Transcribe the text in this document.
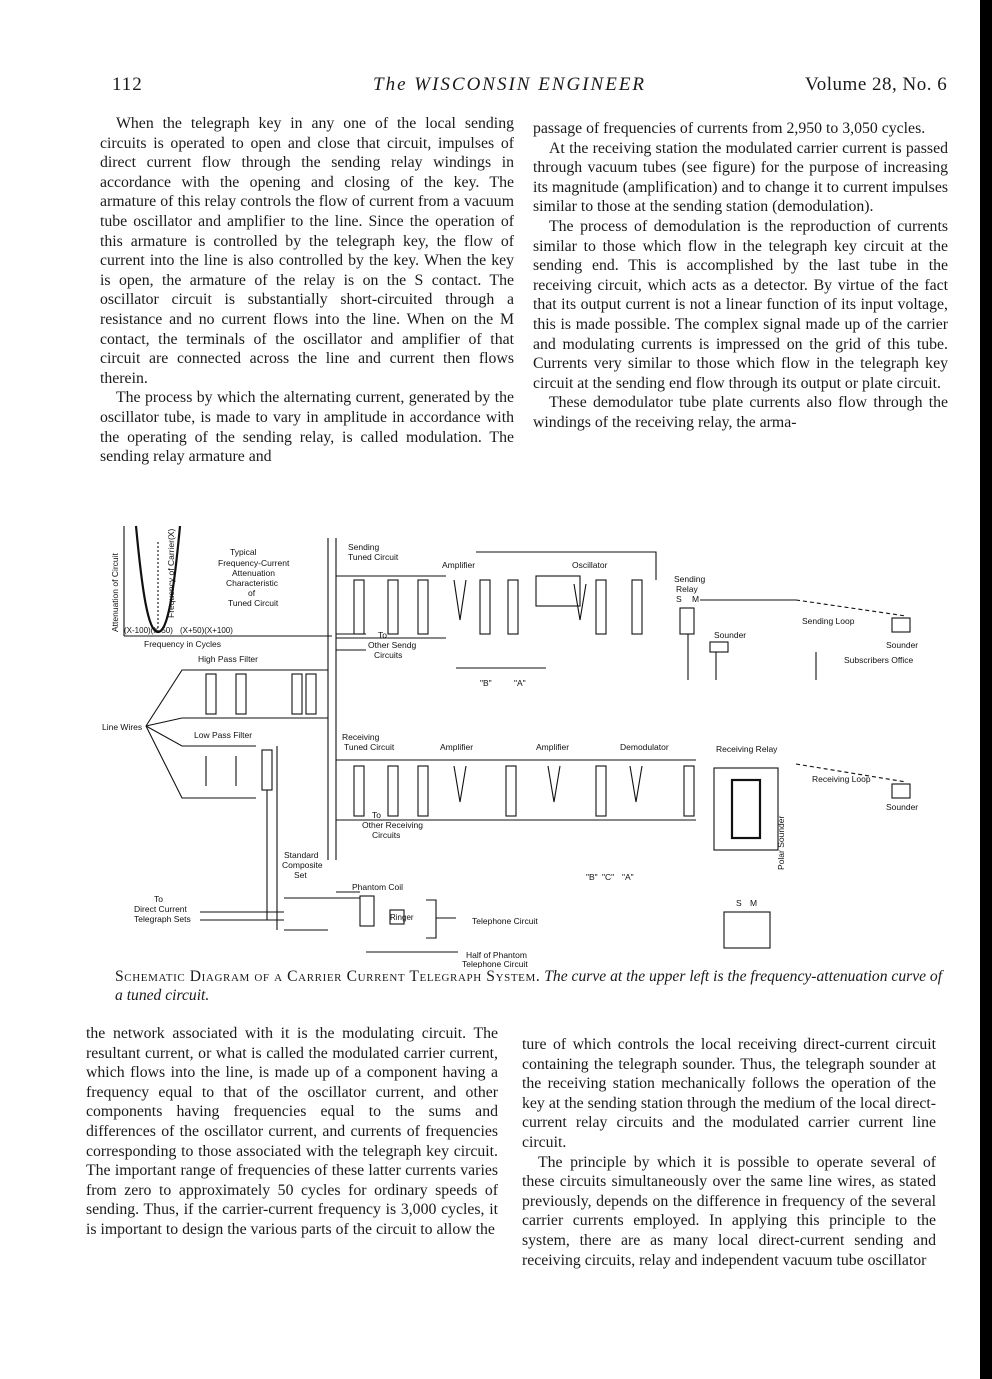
112	The WISCONSIN ENGINEER	Volume 28, No. 6

When the telegraph key in any one of the local sending circuits is operated to open and close that circuit, impulses of direct current flow through the sending relay windings in accordance with the opening and closing of the key. The armature of this relay controls the flow of current from a vacuum tube oscillator and amplifier to the line. Since the operation of this armature is controlled by the telegraph key, the flow of current into the line is also controlled by the key. When the key is open, the armature of the relay is on the S contact. The oscillator circuit is substantially short-circuited through a resistance and no current flows into the line. When on the M contact, the terminals of the oscillator and amplifier of that circuit are connected across the line and current then flows therein.

The process by which the alternating current, generated by the oscillator tube, is made to vary in amplitude in accordance with the operating of the sending relay, is called modulation. The sending relay armature and

passage of frequencies of currents from 2,950 to 3,050 cycles.

At the receiving station the modulated carrier current is passed through vacuum tubes (see figure) for the purpose of increasing its magnitude (amplification) and to change it to current impulses similar to those at the sending station (demodulation).

The process of demodulation is the reproduction of currents similar to those which flow in the telegraph key circuit at the sending end. This is accomplished by the last tube in the receiving circuit, which acts as a detector. By virtue of the fact that its output current is not a linear function of its input voltage, this is made possible. The complex signal made up of the carrier and modulating currents is impressed on the grid of this tube. Currents very similar to those which flow in the telegraph key circuit at the sending end flow through its output or plate circuit.

These demodulator tube plate currents also flow through the windings of the receiving relay, the arma-

Attenuation of Circuit	Frequency of Carrier(X)	Typical
Frequency-Current
Attenuation
Characteristic
of
Tuned Circuit
(X-100)(X-50) (X+50)(X+100)
Frequency in Cycles
High Pass Filter
Low Pass Filter
Line Wires
Sending
Tuned Circuit
Amplifier	Oscillator
Sending
Relay
S M
Sending Loop
Sounder
Subscribers Office
Sounder
To
Other Sendg
Circuits
"B"	"A"
Receiving
Tuned Circuit	Amplifier	Amplifier	Demodulator	Receiving Relay
Receiving Loop
Sounder
Polar Sounder
To
Other Receiving
Circuits
"B" "C" "A"
S M
Standard
Composite
Set
Phantom Coil
Ringer	Telephone Circuit
Half of Phantom
Telephone Circuit
To
Direct Current
Telegraph Sets
Schematic Diagram of a Carrier Current Telegraph System. The curve at the upper left is the frequency-attenuation curve of a tuned circuit.

the network associated with it is the modulating circuit. The resultant current, or what is called the modulated carrier current, which flows into the line, is made up of a component having a frequency equal to that of the oscillator current, and other components having frequencies equal to the sums and differences of the oscillator current, and currents of frequencies corresponding to those associated with the telegraph key circuit. The important range of frequencies of these latter currents varies from zero to approximately 50 cycles for ordinary speeds of sending. Thus, if the carrier-current frequency is 3,000 cycles, it is important to design the various parts of the circuit to allow the

ture of which controls the local receiving direct-current circuit containing the telegraph sounder. Thus, the telegraph sounder at the receiving station mechanically follows the operation of the key at the sending station through the medium of the local direct-current relay circuits and the modulated carrier current line circuit.

The principle by which it is possible to operate several of these circuits simultaneously over the same line wires, as stated previously, depends on the difference in frequency of the several carrier currents employed. In applying this principle to the system, there are as many local direct-current sending and receiving circuits, relay and independent vacuum tube oscillator
